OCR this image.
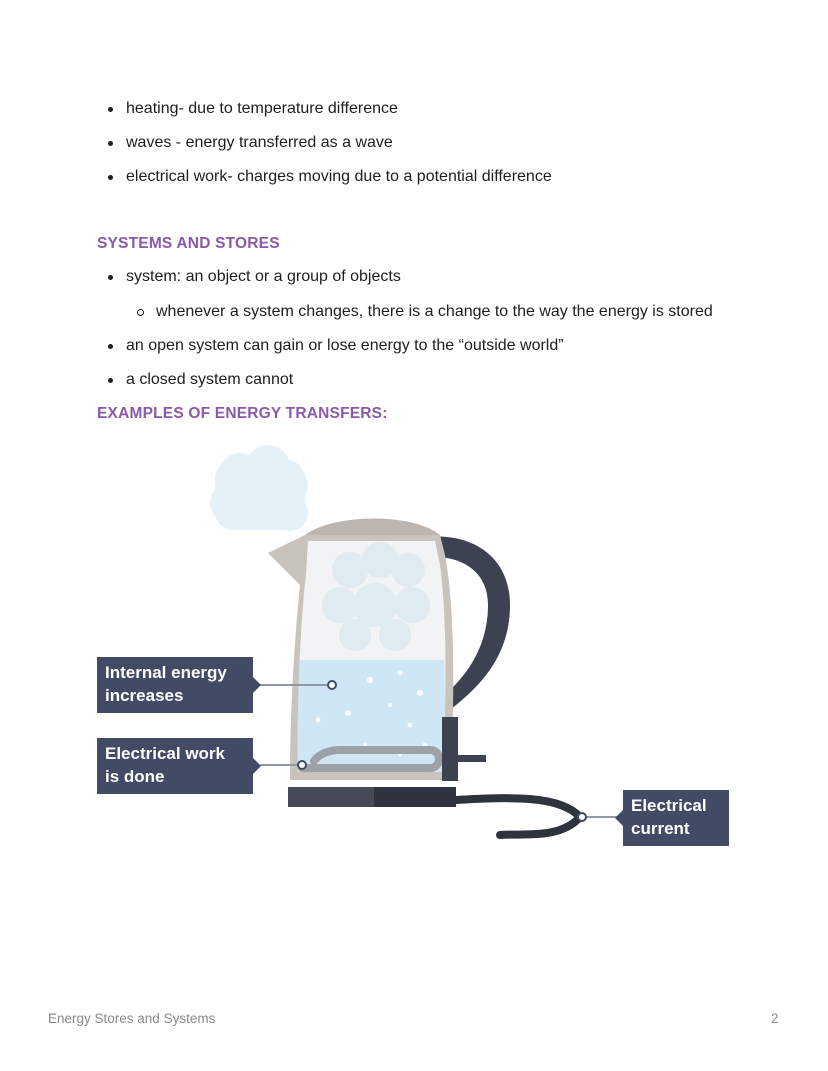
heating- due to temperature difference
waves - energy transferred as a wave
electrical work- charges moving due to a potential difference
SYSTEMS AND STORES
system: an object or a group of objects
whenever a system changes, there is a change to the way the energy is stored
an open system can gain or lose energy to the “outside world”
a closed system cannot
EXAMPLES OF ENERGY TRANSFERS:
Internal energy
increases
Electrical work
is done
Electrical
current
Energy Stores and Systems	2
